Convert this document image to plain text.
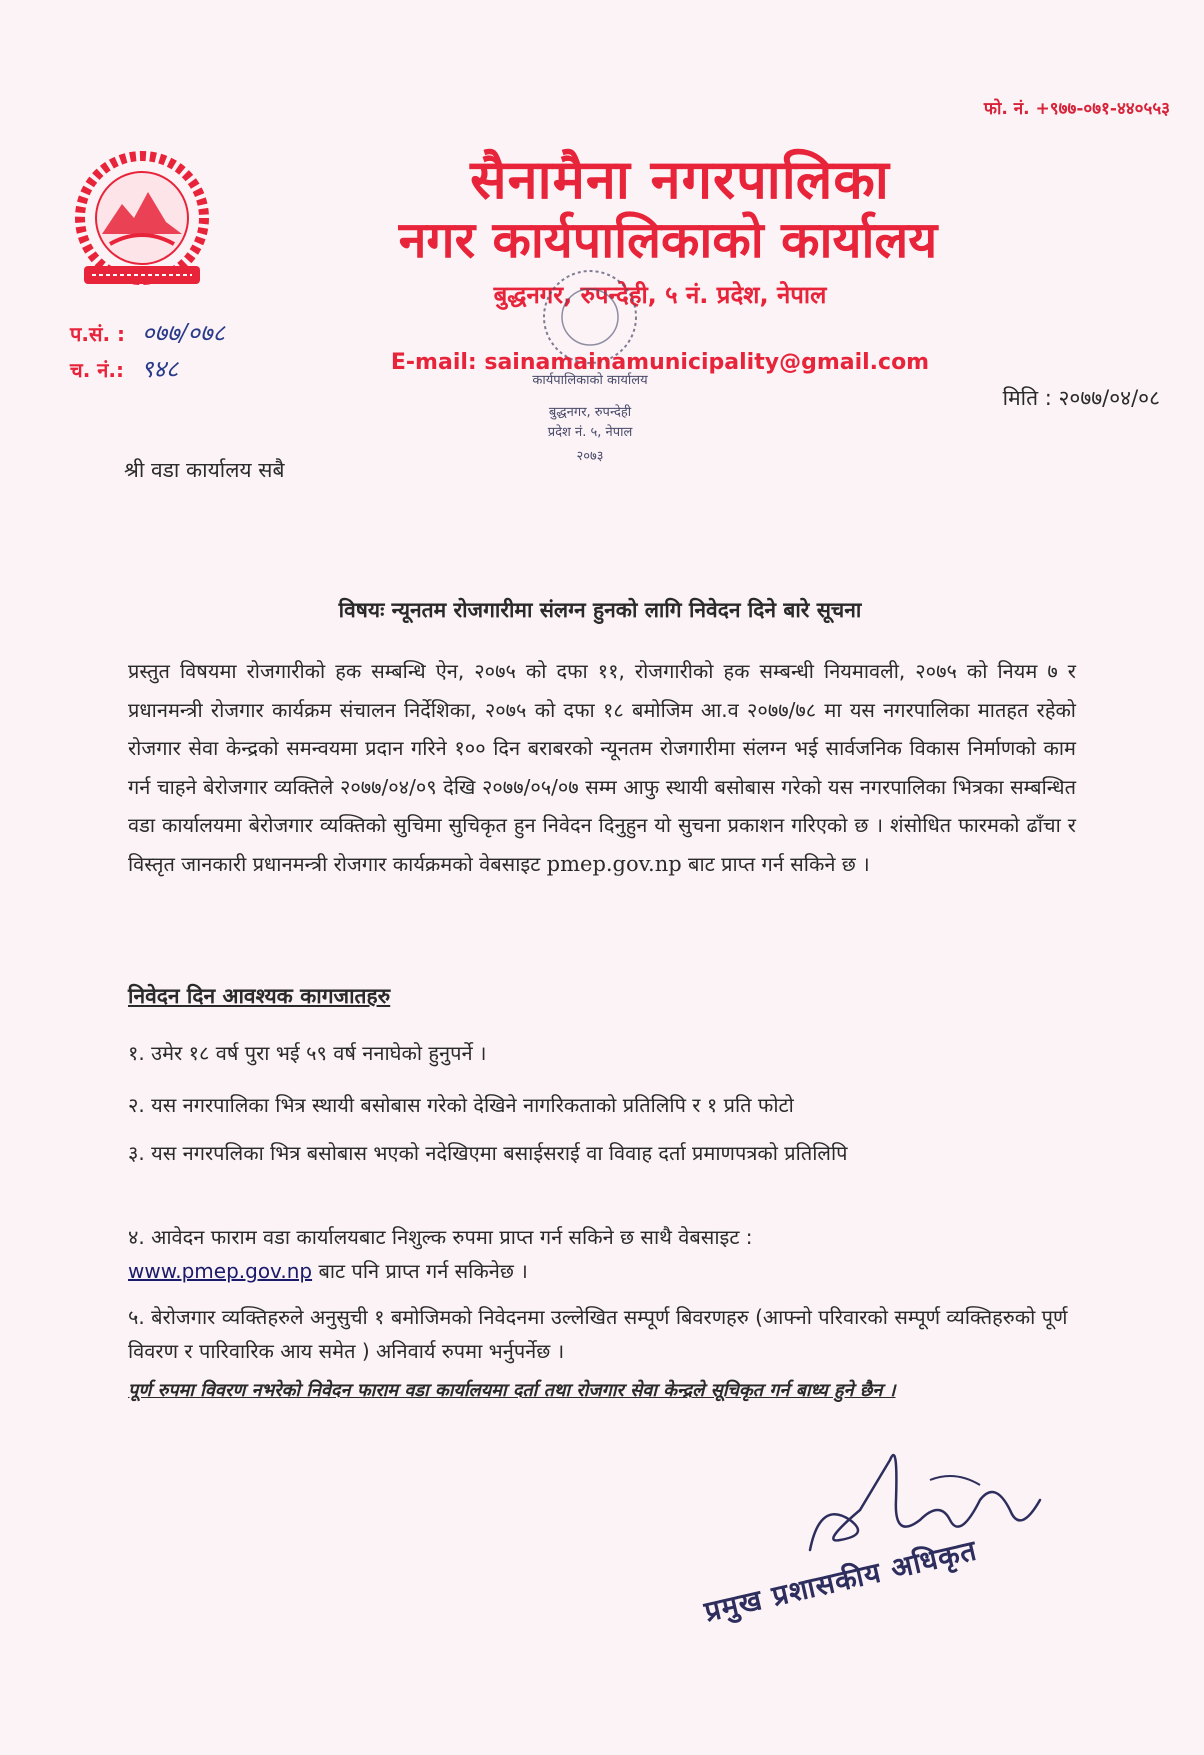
फो. नं. +९७७-०७१-४४०५५३
सैनामैना नगरपालिका
नगर कार्यपालिकाको कार्यालय
बुद्धनगर, रुपन्देही, ५ नं. प्रदेश, नेपाल
कार्यपालिकाको कार्यालय
बुद्धनगर, रुपन्देही
प्रदेश नं. ५, नेपाल
२०७३
E-mail: sainamainamunicipality@gmail.com
प.सं. : ०७७/०७८
च. नं.: ९४८
मिति : २०७७/०४/०८
श्री वडा कार्यालय सबै
विषयः न्यूनतम रोजगारीमा संलग्न हुनको लागि निवेदन दिने बारे सूचना
प्रस्तुत विषयमा रोजगारीको हक सम्बन्धि ऐन, २०७५ को दफा ११, रोजगारीको हक सम्बन्धी नियमावली, २०७५ को नियम ७ र प्रधानमन्त्री रोजगार कार्यक्रम संचालन निर्देशिका, २०७५ को दफा १८ बमोजिम आ.व २०७७/७८ मा यस नगरपालिका मातहत रहेको रोजगार सेवा केन्द्रको समन्वयमा प्रदान गरिने १०० दिन बराबरको न्यूनतम रोजगारीमा संलग्न भई सार्वजनिक विकास निर्माणको काम गर्न चाहने बेरोजगार व्यक्तिले २०७७/०४/०९ देखि २०७७/०५/०७ सम्म आफु स्थायी बसोबास गरेको यस नगरपालिका भित्रका सम्बन्धित वडा कार्यालयमा बेरोजगार व्यक्तिको सुचिमा सुचिकृत हुन निवेदन दिनुहुन यो सुचना प्रकाशन गरिएको छ । शंसोधित फारमको ढाँचा र विस्तृत जानकारी प्रधानमन्त्री रोजगार कार्यक्रमको वेबसाइट pmep.gov.np बाट प्राप्त गर्न सकिने छ ।
निवेदन दिन आवश्यक कागजातहरु
१. उमेर १८ वर्ष पुरा भई ५९ वर्ष ननाघेको हुनुपर्ने ।
२. यस नगरपालिका भित्र स्थायी बसोबास गरेको देखिने नागरिकताको प्रतिलिपि र १ प्रति फोटो
३. यस नगरपलिका भित्र बसोबास भएको नदेखिएमा बसाईसराई वा विवाह दर्ता प्रमाणपत्रको प्रतिलिपि
४. आवेदन फाराम वडा कार्यालयबाट निशुल्क रुपमा प्राप्त गर्न सकिने छ साथै वेबसाइट :
www.pmep.gov.np बाट पनि प्राप्त गर्न सकिनेछ ।
५. बेरोजगार व्यक्तिहरुले अनुसुची १ बमोजिमको निवेदनमा उल्लेखित सम्पूर्ण बिवरणहरु (आफ्नो परिवारको सम्पूर्ण व्यक्तिहरुको पूर्ण विवरण र पारिवारिक आय समेत ) अनिवार्य रुपमा भर्नुपर्नेछ ।
पूर्ण रुपमा विवरण नभरेको निवेदन फाराम वडा कार्यालयमा दर्ता तथा रोजगार सेवा केन्द्रले सूचिकृत गर्न बाध्य हुने छैन ।
प्रमुख प्रशासकीय अधिकृत
